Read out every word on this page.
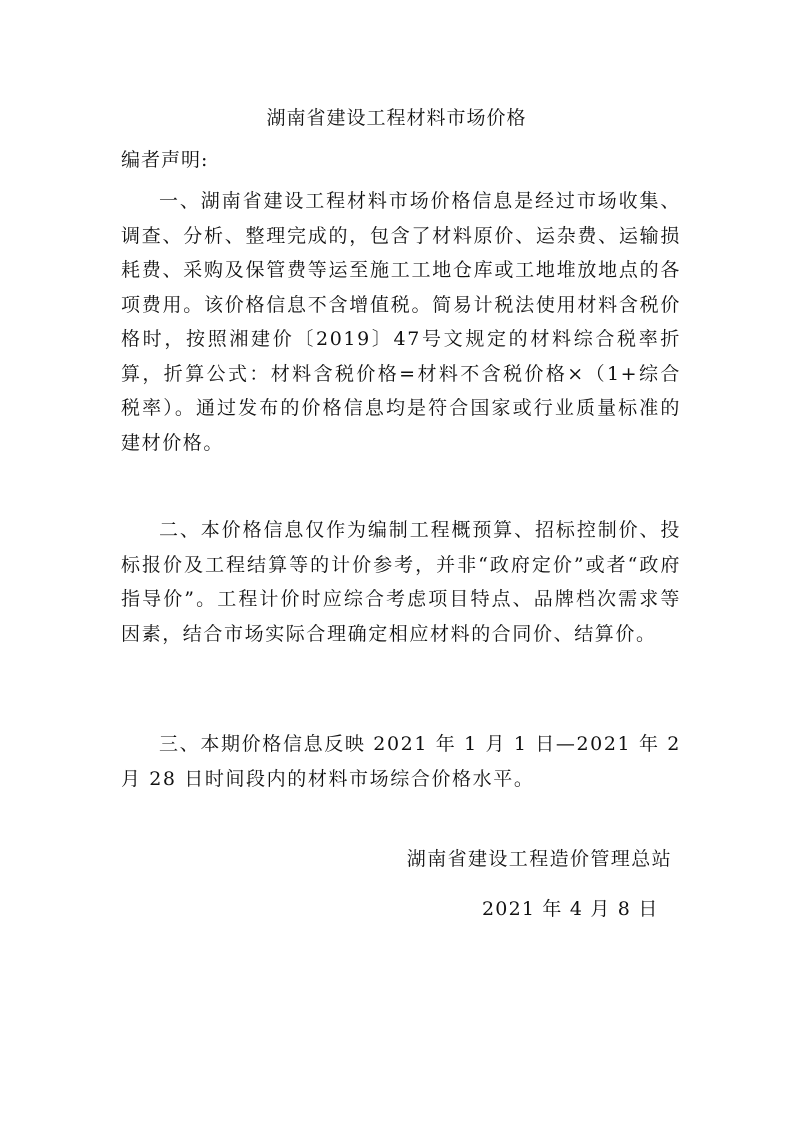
湖南省建设工程材料市场价格
编者声明:

一、湖南省建设工程材料市场价格信息是经过市场收集、调查、分析、整理完成的，包含了材料原价、运杂费、运输损耗费、采购及保管费等运至施工工地仓库或工地堆放地点的各项费用。该价格信息不含增值税。简易计税法使用材料含税价格时，按照湘建价〔2019〕47号文规定的材料综合税率折算，折算公式：材料含税价格=材料不含税价格×（1+综合税率）。通过发布的价格信息均是符合国家或行业质量标准的建材价格。

二、本价格信息仅作为编制工程概预算、招标控制价、投标报价及工程结算等的计价参考，并非“政府定价”或者“政府指导价”。工程计价时应综合考虑项目特点、品牌档次需求等因素，结合市场实际合理确定相应材料的合同价、结算价。

三、本期价格信息反映 2021 年 1 月 1 日—2021 年 2 月 28 日时间段内的材料市场综合价格水平。

湖南省建设工程造价管理总站
2021 年 4 月 8 日
